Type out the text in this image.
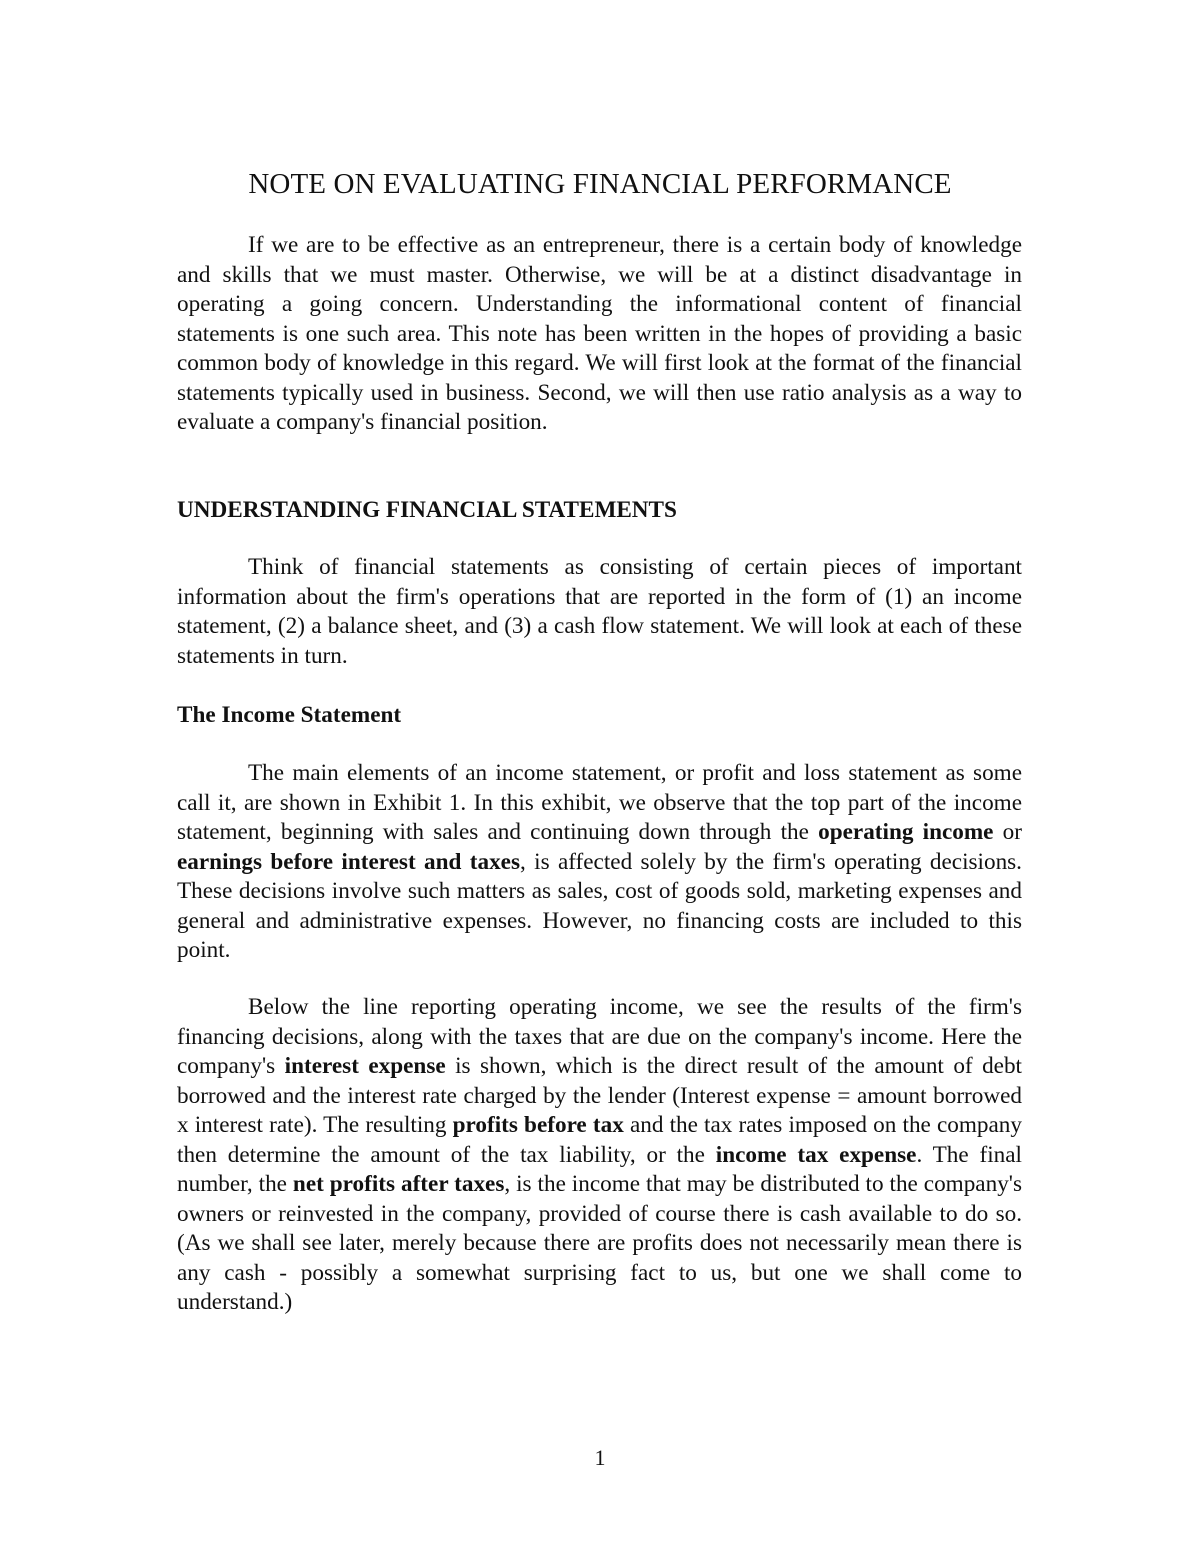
NOTE ON EVALUATING FINANCIAL PERFORMANCE

If we are to be effective as an entrepreneur, there is a certain body of knowledge and skills that we must master. Otherwise, we will be at a distinct disadvantage in operating a going concern. Understanding the informational content of financial statements is one such area. This note has been written in the hopes of providing a basic common body of knowledge in this regard. We will first look at the format of the financial statements typically used in business. Second, we will then use ratio analysis as a way to evaluate a company's financial position.

UNDERSTANDING FINANCIAL STATEMENTS

Think of financial statements as consisting of certain pieces of important information about the firm's operations that are reported in the form of (1) an income statement, (2) a balance sheet, and (3) a cash flow statement. We will look at each of these statements in turn.

The Income Statement

The main elements of an income statement, or profit and loss statement as some call it, are shown in Exhibit 1. In this exhibit, we observe that the top part of the income statement, beginning with sales and continuing down through the operating income or earnings before interest and taxes, is affected solely by the firm's operating decisions. These decisions involve such matters as sales, cost of goods sold, marketing expenses and general and administrative expenses. However, no financing costs are included to this point.

Below the line reporting operating income, we see the results of the firm's financing decisions, along with the taxes that are due on the company's income. Here the company's interest expense is shown, which is the direct result of the amount of debt borrowed and the interest rate charged by the lender (Interest expense = amount borrowed x interest rate). The resulting profits before tax and the tax rates imposed on the company then determine the amount of the tax liability, or the income tax expense. The final number, the net profits after taxes, is the income that may be distributed to the company's owners or reinvested in the company, provided of course there is cash available to do so. (As we shall see later, merely because there are profits does not necessarily mean there is any cash - possibly a somewhat surprising fact to us, but one we shall come to understand.)

1
